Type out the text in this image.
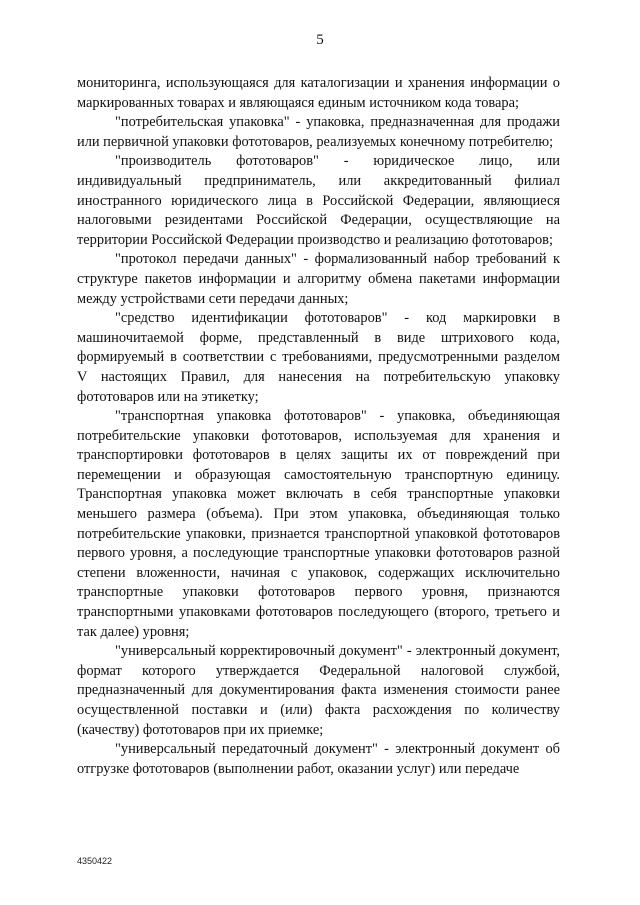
5

мониторинга, использующаяся для каталогизации и хранения информации о маркированных товарах и являющаяся единым источником кода товара;

"потребительская упаковка" - упаковка, предназначенная для продажи или первичной упаковки фототоваров, реализуемых конечному потребителю;

"производитель фототоваров" - юридическое лицо, или индивидуальный предприниматель, или аккредитованный филиал иностранного юридического лица в Российской Федерации, являющиеся налоговыми резидентами Российской Федерации, осуществляющие на территории Российской Федерации производство и реализацию фототоваров;

"протокол передачи данных" - формализованный набор требований к структуре пакетов информации и алгоритму обмена пакетами информации между устройствами сети передачи данных;

"средство идентификации фототоваров" - код маркировки в машиночитаемой форме, представленный в виде штрихового кода, формируемый в соответствии с требованиями, предусмотренными разделом V настоящих Правил, для нанесения на потребительскую упаковку фототоваров или на этикетку;

"транспортная упаковка фототоваров" - упаковка, объединяющая потребительские упаковки фототоваров, используемая для хранения и транспортировки фототоваров в целях защиты их от повреждений при перемещении и образующая самостоятельную транспортную единицу. Транспортная упаковка может включать в себя транспортные упаковки меньшего размера (объема). При этом упаковка, объединяющая только потребительские упаковки, признается транспортной упаковкой фототоваров первого уровня, а последующие транспортные упаковки фототоваров разной степени вложенности, начиная с упаковок, содержащих исключительно транспортные упаковки фототоваров первого уровня, признаются транспортными упаковками фототоваров последующего (второго, третьего и так далее) уровня;

"универсальный корректировочный документ" - электронный документ, формат которого утверждается Федеральной налоговой службой, предназначенный для документирования факта изменения стоимости ранее осуществленной поставки и (или) факта расхождения по количеству (качеству) фототоваров при их приемке;

"универсальный передаточный документ" - электронный документ об отгрузке фототоваров (выполнении работ, оказании услуг) или передаче

4350422
